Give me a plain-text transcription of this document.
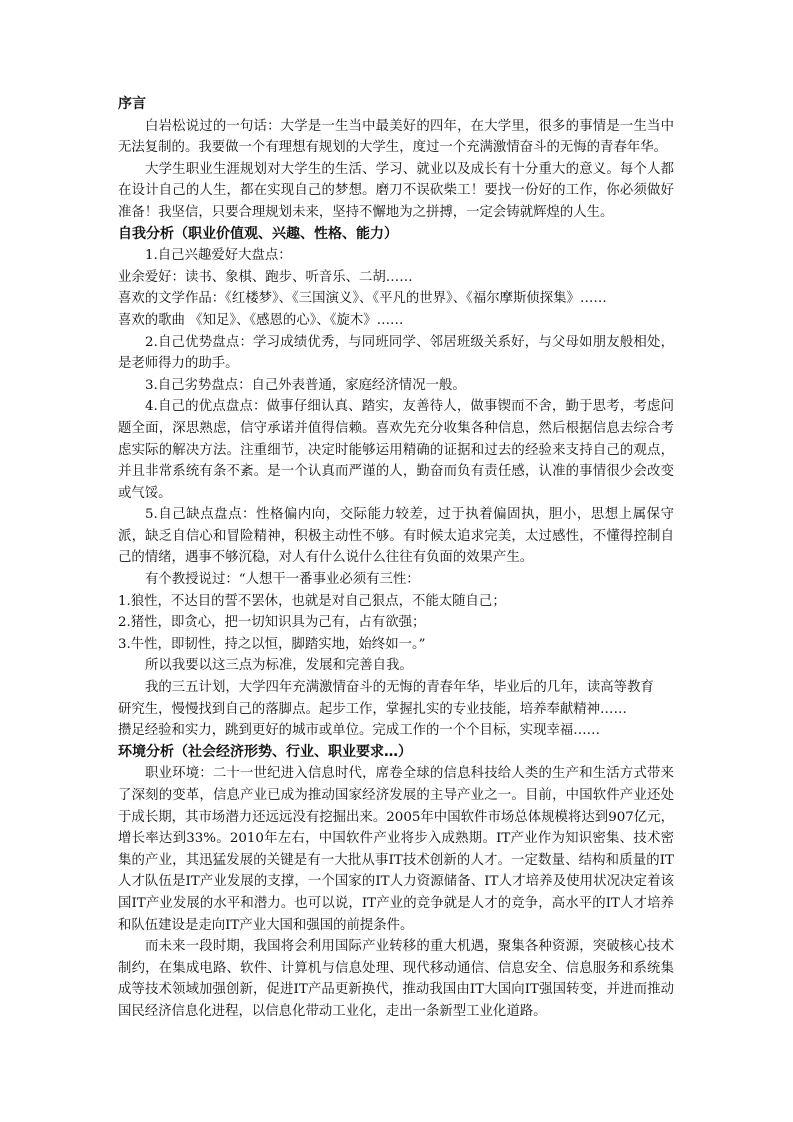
序言
白岩松说过的一句话：大学是一生当中最美好的四年，在大学里，很多的事情是一生当中无法复制的。我要做一个有理想有规划的大学生，度过一个充满激情奋斗的无悔的青春年华。
大学生职业生涯规划对大学生的生活、学习、就业以及成长有十分重大的意义。每个人都在设计自己的人生，都在实现自己的梦想。磨刀不误砍柴工！要找一份好的工作，你必须做好准备！我坚信，只要合理规划未来，坚持不懈地为之拼搏，一定会铸就辉煌的人生。
自我分析（职业价值观、兴趣、性格、能力）
1.自己兴趣爱好大盘点：
业余爱好：读书、象棋、跑步、听音乐、二胡……
喜欢的文学作品：《红楼梦》、《三国演义》、《平凡的世界》、《福尔摩斯侦探集》……
喜欢的歌曲 《知足》、《感恩的心》、《旋木》……
2.自己优势盘点：学习成绩优秀，与同班同学、邻居班级关系好，与父母如朋友般相处，是老师得力的助手。
3.自己劣势盘点：自己外表普通，家庭经济情况一般。
4.自己的优点盘点：做事仔细认真、踏实，友善待人，做事锲而不舍，勤于思考，考虑问题全面，深思熟虑，信守承诺并值得信赖。喜欢先充分收集各种信息，然后根据信息去综合考虑实际的解决方法。注重细节，决定时能够运用精确的证据和过去的经验来支持自己的观点，并且非常系统有条不紊。是一个认真而严谨的人，勤奋而负有责任感，认准的事情很少会改变或气馁。
5.自己缺点盘点：性格偏内向，交际能力较差，过于执着偏固执，胆小，思想上属保守派，缺乏自信心和冒险精神，积极主动性不够。有时候太追求完美，太过感性，不懂得控制自己的情绪，遇事不够沉稳，对人有什么说什么往往有负面的效果产生。
有个教授说过：“人想干一番事业必须有三性：
1.狼性，不达目的誓不罢休，也就是对自己狠点，不能太随自己；
2.猪性，即贪心，把一切知识具为己有，占有欲强；
3.牛性，即韧性，持之以恒，脚踏实地，始终如一。”
所以我要以这三点为标准，发展和完善自我。
我的三五计划，大学四年充满激情奋斗的无悔的青春年华，毕业后的几年，读高等教育
研究生，慢慢找到自己的落脚点。起步工作，掌握扎实的专业技能，培养奉献精神……
攒足经验和实力，跳到更好的城市或单位。完成工作的一个个目标，实现幸福……
环境分析（社会经济形势、行业、职业要求…）
职业环境：二十一世纪进入信息时代，席卷全球的信息科技给人类的生产和生活方式带来了深刻的变革，信息产业已成为推动国家经济发展的主导产业之一。目前，中国软件产业还处于成长期，其市场潜力还远远没有挖掘出来。2005年中国软件市场总体规模将达到907亿元，增长率达到33%。2010年左右，中国软件产业将步入成熟期。IT产业作为知识密集、技术密集的产业，其迅猛发展的关键是有一大批从事IT技术创新的人才。一定数量、结构和质量的IT人才队伍是IT产业发展的支撑，一个国家的IT人力资源储备、IT人才培养及使用状况决定着该国IT产业发展的水平和潜力。也可以说，IT产业的竞争就是人才的竞争，高水平的IT人才培养和队伍建设是走向IT产业大国和强国的前提条件。
而未来一段时期，我国将会利用国际产业转移的重大机遇，聚集各种资源，突破核心技术制约，在集成电路、软件、计算机与信息处理、现代移动通信、信息安全、信息服务和系统集成等技术领域加强创新，促进IT产品更新换代，推动我国由IT大国向IT强国转变，并进而推动国民经济信息化进程，以信息化带动工业化，走出一条新型工业化道路。
